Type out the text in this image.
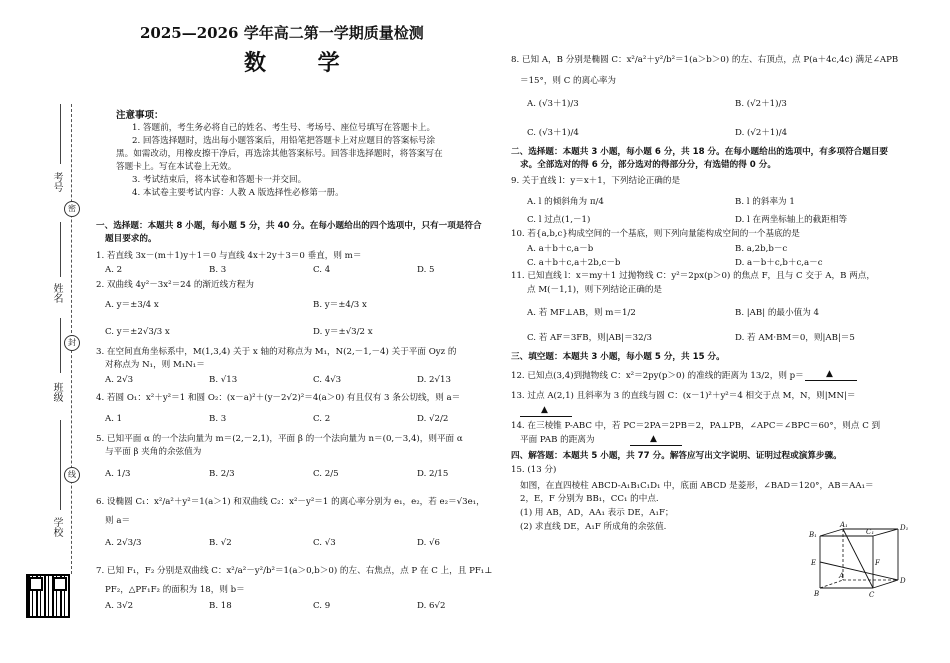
考号
姓名
班级
学校
密
封
线
2025—2026 学年高二第一学期质量检测
数 学
注意事项：
1. 答题前，考生务必将自己的姓名、考生号、考场号、座位号填写在答题卡上。
2. 回答选择题时，选出每小题答案后，用铅笔把答题卡上对应题目的答案标号涂
黑。如需改动，用橡皮擦干净后，再选涂其他答案标号。回答非选择题时，将答案写在
答题卡上。写在本试卷上无效。
3. 考试结束后，将本试卷和答题卡一并交回。
4. 本试卷主要考试内容：人教 A 版选择性必修第一册。
一、选择题：本题共 8 小题，每小题 5 分，共 40 分。在每小题给出的四个选项中，只有一项是符合
题目要求的。
1. 若直线 3x－(m＋1)y＋1＝0 与直线 4x＋2y＋3＝0 垂直，则 m＝
A. 2	B. 3	C. 4	D. 5
2. 双曲线 4y²－3x²＝24 的渐近线方程为
A. y＝±3/4 x	B. y＝±4/3 x
C. y＝±2√3/3 x	D. y＝±√3/2 x
3. 在空间直角坐标系中，M(1,3,4) 关于 x 轴的对称点为 M₁，N(2,－1,－4) 关于平面 Oyz 的
对称点为 N₁，则 M₁N₁＝
A. 2√3	B. √13	C. 4√3	D. 2√13
4. 若圆 O₁：x²＋y²＝1 和圆 O₂：(x－a)²＋(y－2√2)²＝4(a＞0) 有且仅有 3 条公切线，则 a＝
A. 1	B. 3	C. 2	D. √2/2
5. 已知平面 α 的一个法向量为 m＝(2,－2,1)，平面 β 的一个法向量为 n＝(0,－3,4)，则平面 α
与平面 β 夹角的余弦值为
A. 1/3	B. 2/3	C. 2/5	D. 2/15
6. 设椭圆 C₁：x²/a²＋y²＝1(a＞1) 和双曲线 C₂：x²－y²＝1 的离心率分别为 e₁，e₂，若 e₂＝√3e₁，
则 a＝
A. 2√3/3	B. √2	C. √3	D. √6
7. 已知 F₁，F₂ 分别是双曲线 C：x²/a²－y²/b²＝1(a＞0,b＞0) 的左、右焦点，点 P 在 C 上，且 PF₁⊥
PF₂，△PF₁F₂ 的面积为 18，则 b＝
A. 3√2	B. 18	C. 9	D. 6√2
8. 已知 A，B 分别是椭圆 C：x²/a²＋y²/b²＝1(a＞b＞0) 的左、右顶点，点 P(a＋4c,4c) 满足∠APB
＝15°，则 C 的离心率为
A. (√3＋1)/3	B. (√2＋1)/3
C. (√3＋1)/4	D. (√2＋1)/4
二、选择题：本题共 3 小题，每小题 6 分，共 18 分。在每小题给出的选项中，有多项符合题目要
求。全部选对的得 6 分，部分选对的得部分分，有选错的得 0 分。
9. 关于直线 l：y＝x＋1，下列结论正确的是
A. l 的倾斜角为 π/4	B. l 的斜率为 1
C. l 过点(1,－1)	D. l 在两坐标轴上的截距相等
10. 若{a,b,c}构成空间的一个基底，则下列向量能构成空间的一个基底的是
A. a＋b＋c,a－b	B. a,2b,b－c
C. a＋b＋c,a＋2b,c－b	D. a－b＋c,b＋c,a－c
11. 已知直线 l：x＝my＋1 过抛物线 C：y²＝2px(p＞0) 的焦点 F，且与 C 交于 A，B 两点，
点 M(－1,1)，则下列结论正确的是
A. 若 MF⊥AB，则 m＝1/2	B. |AB| 的最小值为 4
C. 若 AF＝3FB，则|AB|＝32/3	D. 若 AM·BM＝0，则|AB|＝5
三、填空题：本题共 3 小题，每小题 5 分，共 15 分。
12. 已知点(3,4)到抛物线 C：x²＝2py(p＞0) 的准线的距离为 13/2，则 p＝ ▲
13. 过点 A(2,1) 且斜率为 3 的直线与圆 C：(x－1)²＋y²＝4 相交于点 M，N，则|MN|＝
▲
14. 在三棱锥 P-ABC 中，若 PC＝2PA＝2PB＝2，PA⊥PB，∠APC＝∠BPC＝60°，则点 C 到
平面 PAB 的距离为	▲
四、解答题：本题共 5 小题，共 77 分。解答应写出文字说明、证明过程或演算步骤。
15. (13 分)
如图，在直四棱柱 ABCD-A₁B₁C₁D₁ 中，底面 ABCD 是菱形，∠BAD＝120°，AB＝AA₁＝
2，E，F 分别为 BB₁，CC₁ 的中点.
(1) 用 AB，AD，AA₁ 表示 DE，A₁F；
(2) 求直线 DE，A₁F 所成角的余弦值.	A₁
B₁	C₁	D₁
E	F
A
B	C
D
